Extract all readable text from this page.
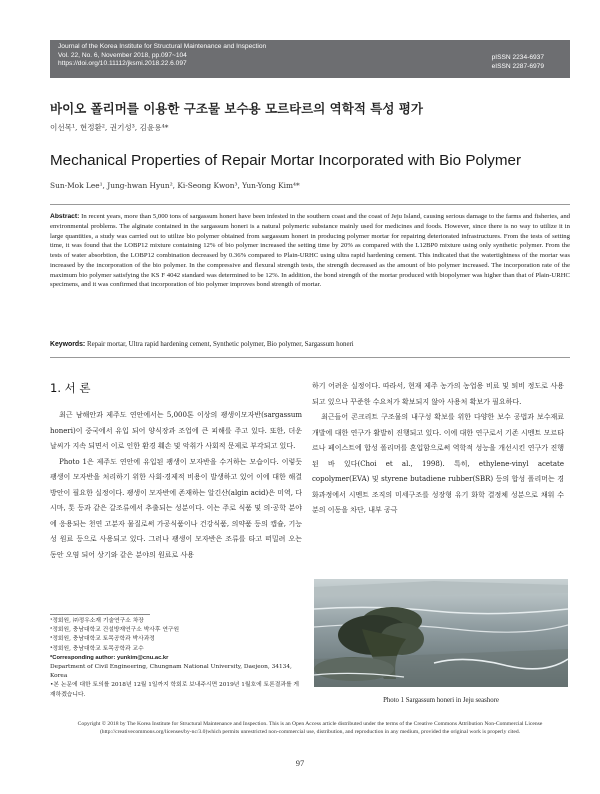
Journal of the Korea Institute for Structural Maintenance and Inspection
Vol. 22, No. 6, November 2018, pp.097~104
https://doi.org/10.11112/jksmi.2018.22.6.097
pISSN 2234-6937
eISSN 2287-6979
바이오 폴리머를 이용한 구조물 보수용 모르타르의 역학적 특성 평가
이선목¹, 현정환², 권기성³, 김윤용⁴*
Mechanical Properties of Repair Mortar Incorporated with Bio Polymer
Sun-Mok Lee¹, Jung-hwan Hyun², Ki-Seong Kwon³, Yun-Yong Kim⁴*
Abstract: In recent years, more than 5,000 tons of sargassum honeri have been infested in the southern coast and the coast of Jeju Island, causing serious damage to the farms and fisheries, and environmental problems. The alginate contained in the sargassum honeri is a natural polymeric substance mainly used for medicines and foods. However, since there is no way to utilize it in large quantities, a study was carried out to utilize bio polymer obtained from sargassum honeri in producing polymer mortar for repairing deteriorated infrastructures. From the tests of setting time, it was found that the LOBP12 mixture containing 12% of bio polymer increased the setting time by 20% as compared with the L12BP0 mixture using only synthetic polymer. From the tests of water absorbtion, the LOBP12 combination decreased by 0.36% compared to Plain-URHC using ultra rapid hardening cement. This indicated that the watertightness of the mortar was increased by the incorporation of the bio polymer. In the compressive and flexural strength tests, the strength decreased as the amount of bio polymer increased. The incorporation rate of the maximum bio polymer satisfying the KS F 4042 standard was determined to be 12%. In addition, the bond strength of the mortar produced with biopolymer was higher than that of Plain-URHC specimens, and it was confirmed that incorporation of bio polymer improves bond strength of mortar.
Keywords: Repair mortar, Ultra rapid hardening cement, Synthetic polymer, Bio polymer, Sargassum honeri
1. 서 론

최근 남해안과 제주도 연안에서는 5,000톤 이상의 괭생이모자반(sargassum honeri)이 중국에서 유입 되어 양식장과 조업에 큰 피해를 주고 있다. 또한, 더운 날씨가 지속 되면서 이로 인한 환경 훼손 및 악취가 사회적 문제로 부각되고 있다.

Photo 1은 제주도 연안에 유입된 괭생이 모자반을 수거하는 모습이다. 이렇듯 괭생이 모자반을 처리하기 위한 사회·경제적 비용이 발생하고 있어 이에 대한 해결 방안이 필요한 실정이다. 괭생이 모자반에 존재하는 알긴산(algin acid)은 미역, 다시마, 톳 등과 같은 갈조류에서 추출되는 성분이다. 이는 주로 식품 및 의·공학 분야에 응용되는 천연 고분자 물질로써 가공식품이나 건강식품, 의약품 등의 캡슐, 기능성 원료 등으로 사용되고 있다. 그러나 괭생이 모자반은 조류를 타고 떠밀려 오는 동안 오염 되어 상기와 같은 분야의 원료로 사용

하기 어려운 실정이다. 따라서, 현재 제주 농가의 농업용 비료 및 퇴비 정도로 사용되고 있으나 꾸준한 수요처가 확보되지 않아 사용처 확보가 필요하다.

최근들어 콘크리트 구조물의 내구성 확보를 위한 다양한 보수 공법과 보수재료 개발에 대한 연구가 활발히 진행되고 있다. 이에 대한 연구로서 기존 시멘트 모르타르나 페이스트에 합성 폴리머를 혼입함으로써 역학적 성능을 개선시킨 연구가 진행된 바 있다(Choi et al., 1998). 특히, ethylene-vinyl acetate copolymer(EVA) 및 styrene butadiene rubber(SBR) 등의 합성 폴리머는 경화과정에서 시멘트 조직의 미세구조를 성장형 유기 화학 결정체 성분으로 채워 수분의 이동을 차단, 내부 공극

¹정회원, ㈜정우소재 기술연구소 차장
²정회원, 충남대학교 건설방재연구소 박사후 연구원
³정회원, 충남대학교 토목공학과 박사과정
⁴정회원, 충남대학교 토목공학과 교수
*Corresponding author: yunkim@cnu.ac.kr
Department of Civil Engineering, Chungnam National University, Daejeon, 34134, Korea
•본 논문에 대한 토의를 2018년 12월 1일까지 학회로 보내주시면 2019년 1월호에 토론결과를 게재하겠습니다.
Photo 1 Sargassum honeri in Jeju seashore
Copyright © 2018 by The Korea Institute for Structural Maintenance and Inspection. This is an Open Access article distributed under the terms of the Creative Commons Attribution Non-Commercial License (http://creativecommons.org/licenses/by-nc/3.0)which permits unrestricted non-commercial use, distribution, and reproduction in any medium, provided the original work is properly cited.
97
